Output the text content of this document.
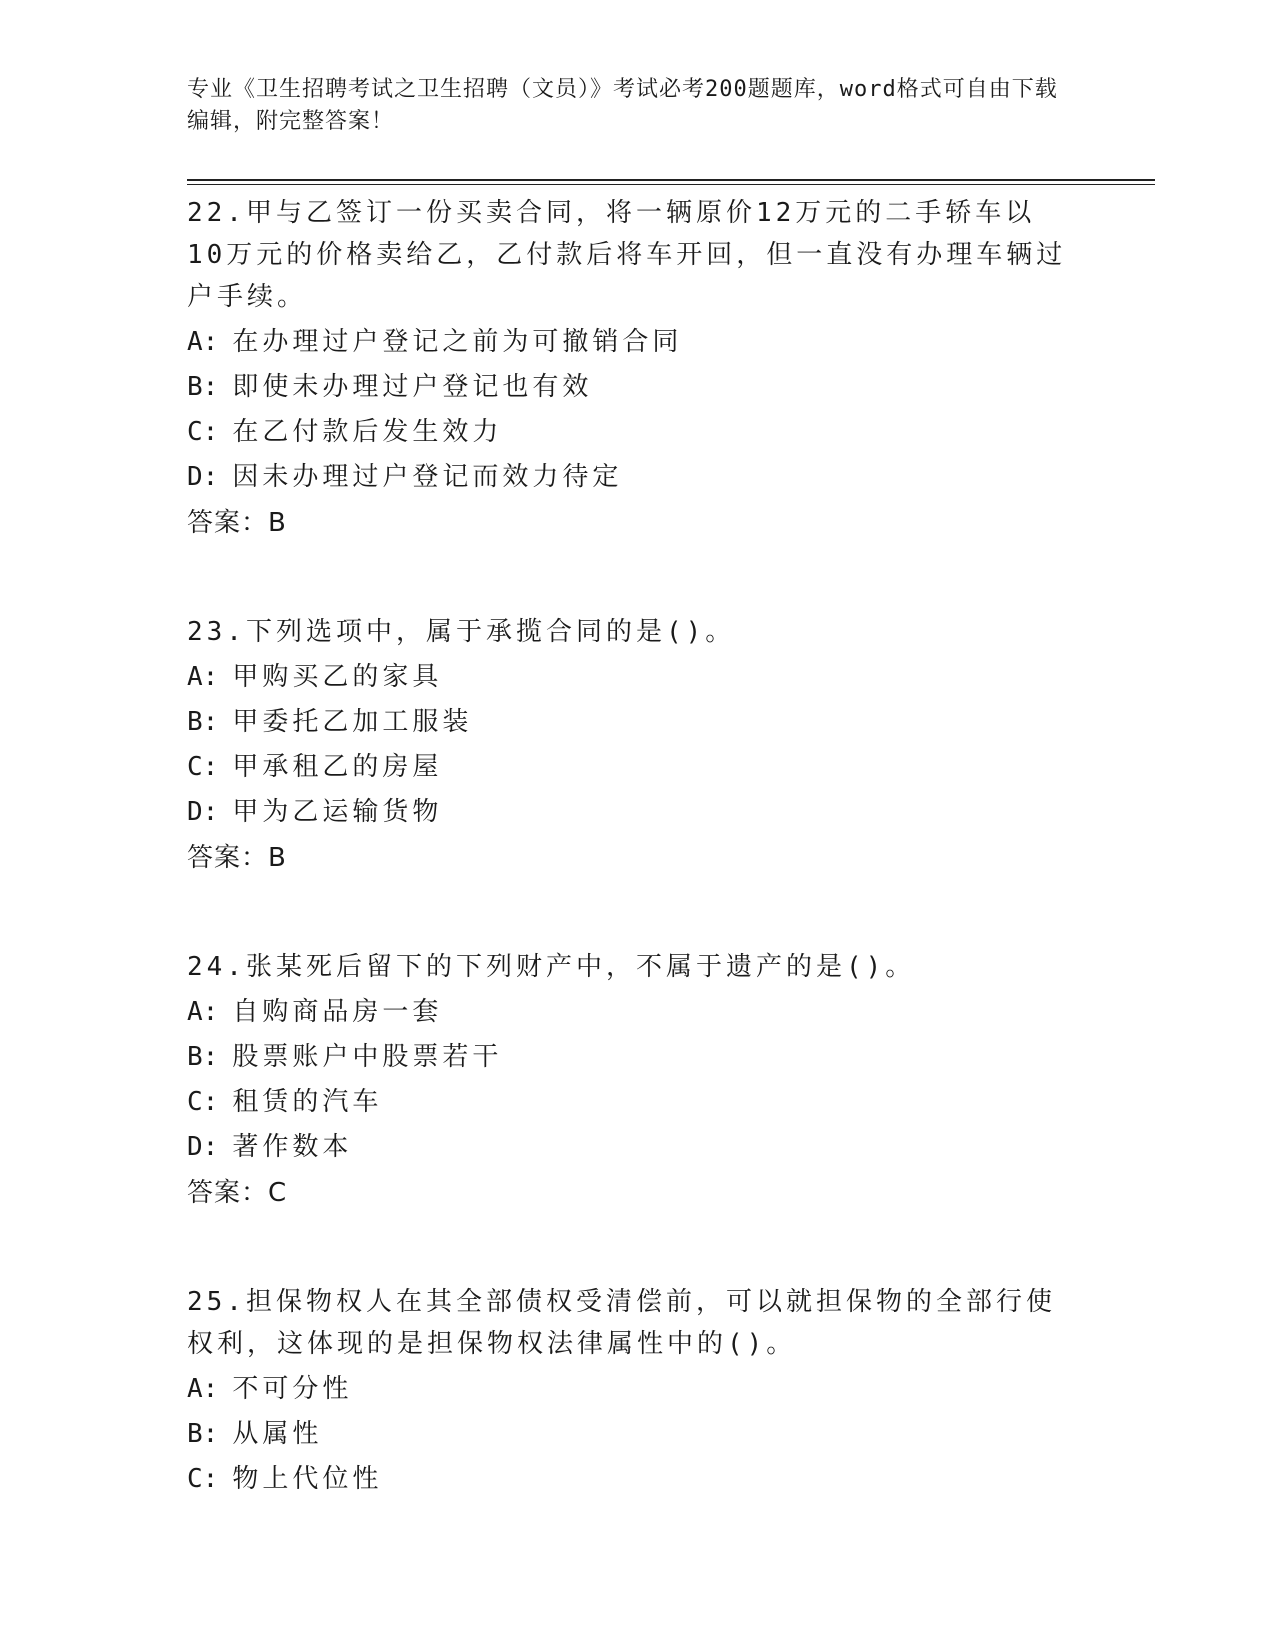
专业《卫生招聘考试之卫生招聘（文员）》考试必考200题题库，word格式可自由下载编辑，附完整答案！

22.甲与乙签订一份买卖合同，将一辆原价12万元的二手轿车以10万元的价格卖给乙，乙付款后将车开回，但一直没有办理车辆过户手续。

A: 在办理过户登记之前为可撤销合同

B: 即使未办理过户登记也有效

C: 在乙付款后发生效力

D: 因未办理过户登记而效力待定

答案：B

23.下列选项中，属于承揽合同的是()。

A: 甲购买乙的家具

B: 甲委托乙加工服装

C: 甲承租乙的房屋

D: 甲为乙运输货物

答案：B

24.张某死后留下的下列财产中，不属于遗产的是()。

A: 自购商品房一套

B: 股票账户中股票若干

C: 租赁的汽车

D: 著作数本

答案：C

25.担保物权人在其全部债权受清偿前，可以就担保物的全部行使权利，这体现的是担保物权法律属性中的()。

A: 不可分性

B: 从属性

C: 物上代位性
